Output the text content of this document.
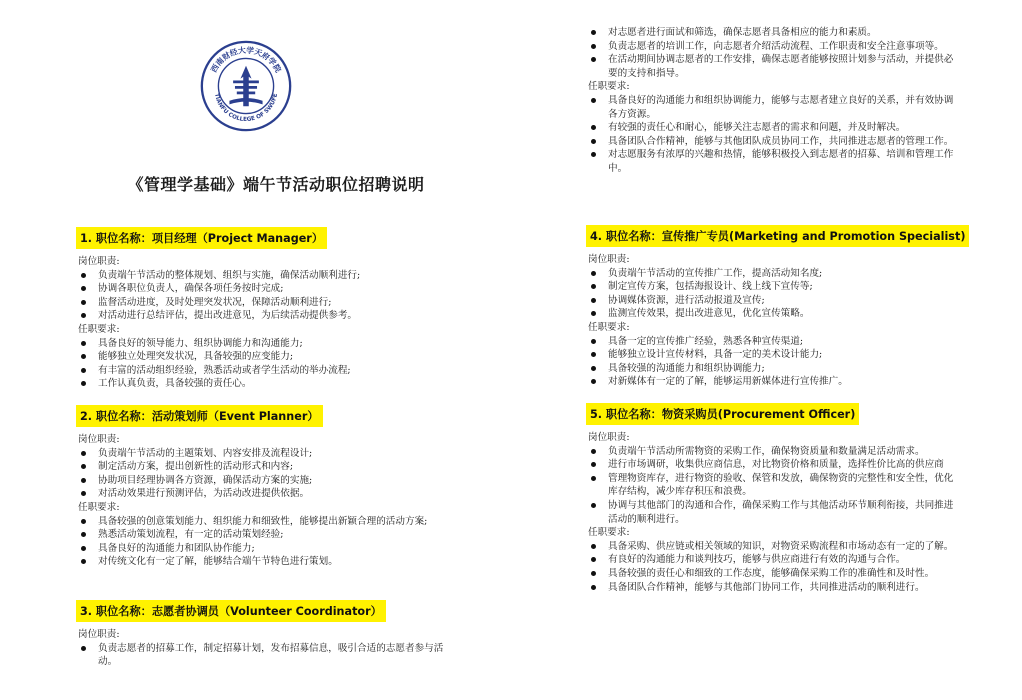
西南财经大学天府学院
TIANFU COLLEGE OF SWUFE
《管理学基础》端午节活动职位招聘说明
1. 职位名称：项目经理（Project Manager）
岗位职责:
负责端午节活动的整体规划、组织与实施，确保活动顺利进行;
协调各职位负责人，确保各项任务按时完成;
监督活动进度，及时处理突发状况，保障活动顺利进行;
对活动进行总结评估，提出改进意见，为后续活动提供参考。
任职要求:
具备良好的领导能力、组织协调能力和沟通能力;
能够独立处理突发状况，具备较强的应变能力;
有丰富的活动组织经验，熟悉活动或者学生活动的举办流程;
工作认真负责，具备较强的责任心。
2. 职位名称：活动策划师（Event Planner）
岗位职责:
负责端午节活动的主题策划、内容安排及流程设计;
制定活动方案，提出创新性的活动形式和内容;
协助项目经理协调各方资源，确保活动方案的实施;
对活动效果进行预测评估，为活动改进提供依据。
任职要求:
具备较强的创意策划能力、组织能力和细致性，能够提出新颖合理的活动方案;
熟悉活动策划流程，有一定的活动策划经验;
具备良好的沟通能力和团队协作能力;
对传统文化有一定了解，能够结合端午节特色进行策划。
3. 职位名称：志愿者协调员（Volunteer Coordinator）
岗位职责:
负责志愿者的招募工作，制定招募计划，发布招募信息，吸引合适的志愿者参与活动。
对志愿者进行面试和筛选，确保志愿者具备相应的能力和素质。
负责志愿者的培训工作，向志愿者介绍活动流程、工作职责和安全注意事项等。
在活动期间协调志愿者的工作安排，确保志愿者能够按照计划参与活动，并提供必要的支持和指导。
任职要求:
具备良好的沟通能力和组织协调能力，能够与志愿者建立良好的关系，并有效协调各方资源。
有较强的责任心和耐心，能够关注志愿者的需求和问题，并及时解决。
具备团队合作精神，能够与其他团队成员协同工作，共同推进志愿者的管理工作。
对志愿服务有浓厚的兴趣和热情，能够积极投入到志愿者的招募、培训和管理工作中。
4. 职位名称：宣传推广专员(Marketing and Promotion Specialist)
岗位职责:
负责端午节活动的宣传推广工作，提高活动知名度;
制定宣传方案，包括海报设计、线上线下宣传等;
协调媒体资源，进行活动报道及宣传;
监测宣传效果，提出改进意见，优化宣传策略。
任职要求:
具备一定的宣传推广经验，熟悉各种宣传渠道;
能够独立设计宣传材料，具备一定的美术设计能力;
具备较强的沟通能力和组织协调能力;
对新媒体有一定的了解，能够运用新媒体进行宣传推广。
5. 职位名称：物资采购员(Procurement Officer)
岗位职责:
负责端午节活动所需物资的采购工作，确保物资质量和数量满足活动需求。
进行市场调研，收集供应商信息，对比物资价格和质量，选择性价比高的供应商
管理物资库存，进行物资的验收、保管和发放，确保物资的完整性和安全性，优化库存结构，减少库存积压和浪费。
协调与其他部门的沟通和合作，确保采购工作与其他活动环节顺利衔接，共同推进活动的顺利进行。
任职要求:
具备采购、供应链或相关领域的知识，对物资采购流程和市场动态有一定的了解。
有良好的沟通能力和谈判技巧，能够与供应商进行有效的沟通与合作。
具备较强的责任心和细致的工作态度，能够确保采购工作的准确性和及时性。
具备团队合作精神，能够与其他部门协同工作，共同推进活动的顺利进行。
